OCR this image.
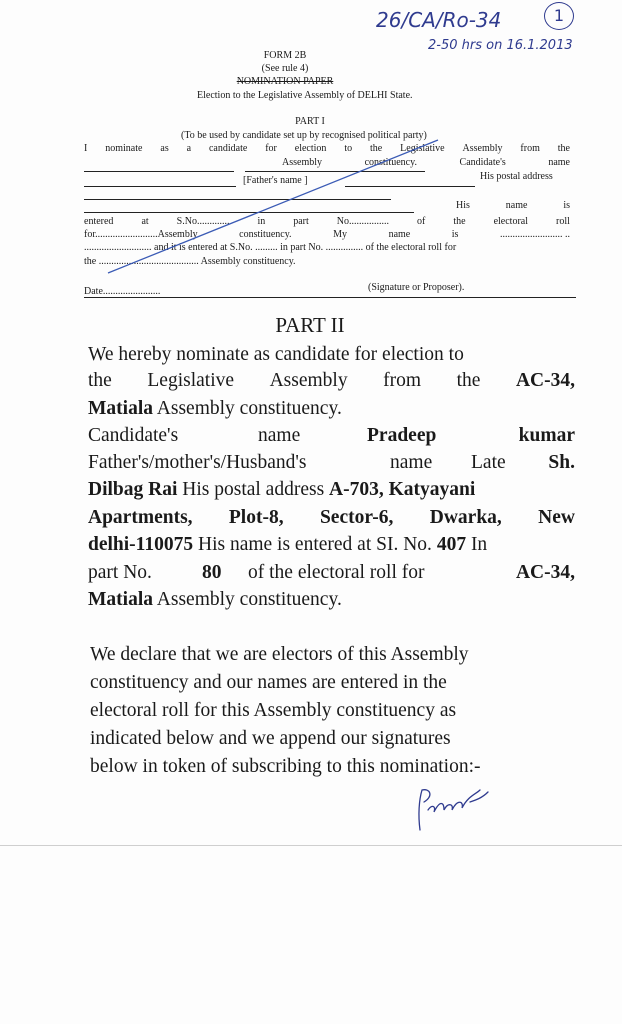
26/CA/Ro-34	1
2-50 hrs on 16.1.2013
FORM 2B
(See rule 4)
NOMINATION PAPER
Election to the Legislative Assembly of DELHI State.
PART I
(To be used by candidate set up by recognised political party)
I nominate as a candidate for election to the Legislative Assembly from the
Assembly	constituency.	Candidate's	name
[Father's name ]	His postal address
His	name	is
entered	at	S.No.............	in	part	No................	of	the	electoral	roll
for.........................Assembly	constituency.	My	name	is	......................... ..
........................... and it is entered at S.No. ......... in part No. ............... of the electoral roll for
the ........................................ Assembly constituency.
Date.......................	(Signature or Proposer).
PART II
We hereby nominate as candidate for election to
the Legislative Assembly from the AC-34,
Matiala Assembly constituency.
Candidate's	name	Pradeep	kumar
Father's/mother's/Husband's	name Late Sh.
Dilbag Rai His postal address A-703, Katyayani
Apartments, Plot-8, Sector-6, Dwarka, New
delhi-110075 His name is entered at SI. No. 407 In
part No.	80 of the electoral roll for	AC-34,
Matiala Assembly constituency.
We declare that we are electors of this Assembly
constituency and our names are entered in the
electoral roll for this Assembly constituency as
indicated below and we append our signatures
below in token of subscribing to this nomination:-
